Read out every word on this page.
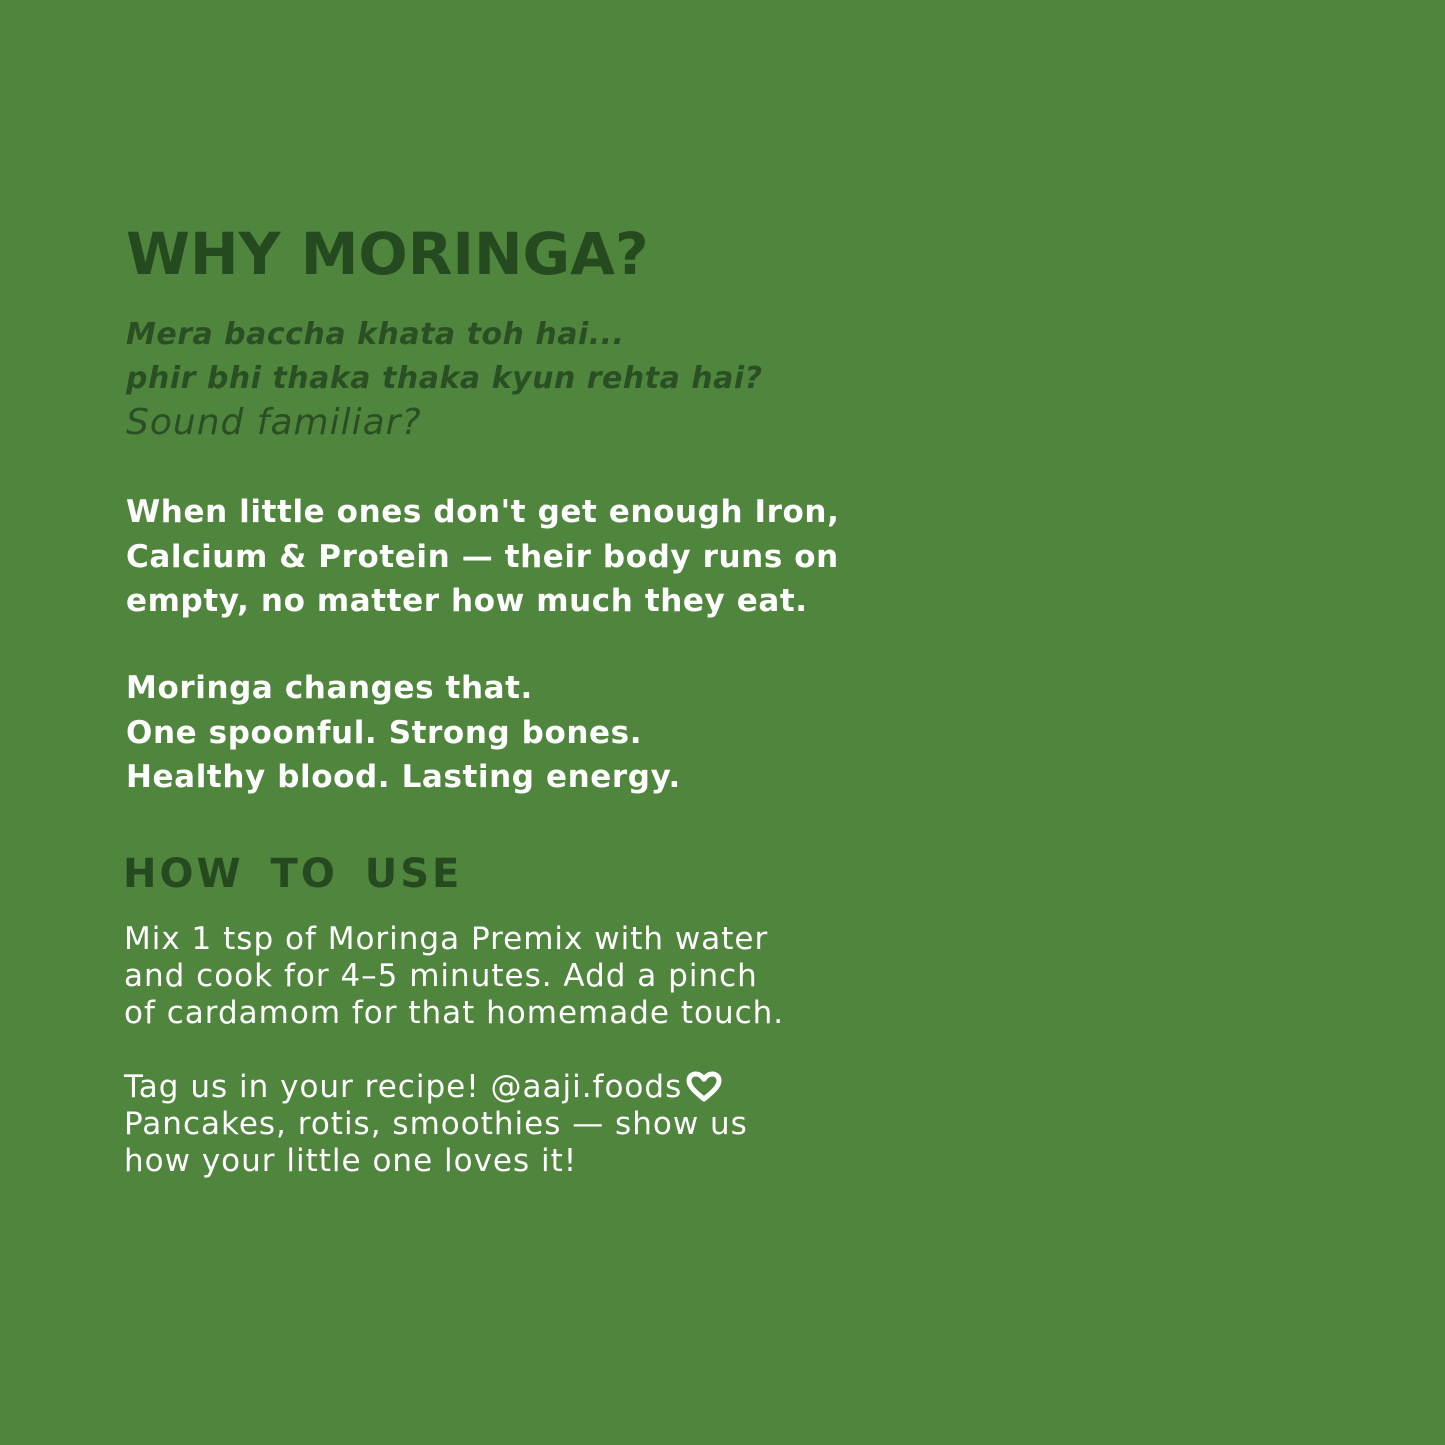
WHY MORINGA?
Mera baccha khata toh hai...
phir bhi thaka thaka kyun rehta hai?
Sound familiar?
When little ones don't get enough Iron,
Calcium & Protein — their body runs on
empty, no matter how much they eat.
Moringa changes that.
One spoonful. Strong bones.
Healthy blood. Lasting energy.
HOW TO USE
Mix 1 tsp of Moringa Premix with water
and cook for 4–5 minutes. Add a pinch
of cardamom for that homemade touch.
Tag us in your recipe! @aaji.foods
Pancakes, rotis, smoothies — show us
how your little one loves it!
